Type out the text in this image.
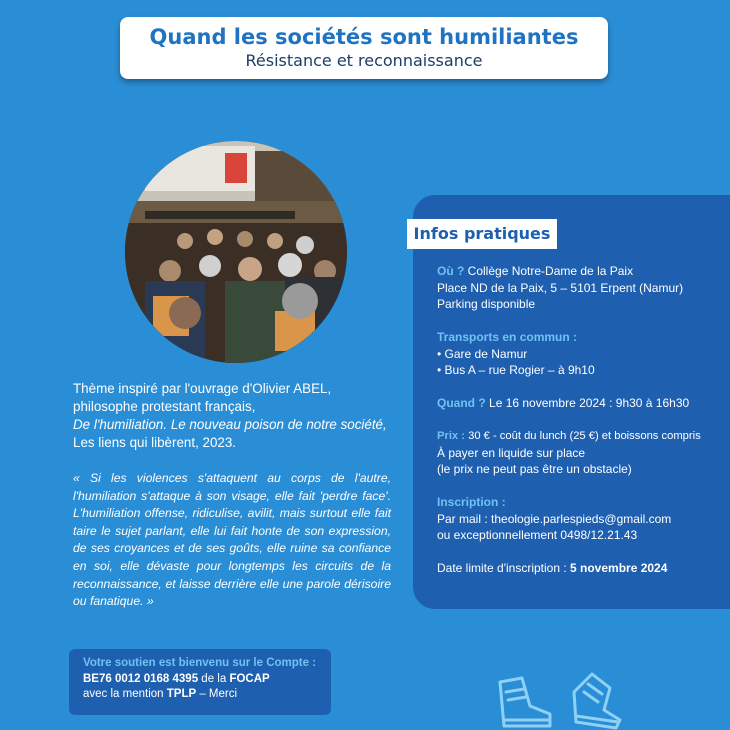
Quand les sociétés sont humiliantes
Résistance et reconnaissance
Thème inspiré par l'ouvrage d'Olivier ABEL,
philosophe protestant français,
De l'humiliation. Le nouveau poison de notre société,
Les liens qui libèrent, 2023.
« Si les violences s'attaquent au corps de l'autre, l'humiliation s'attaque à son visage, elle fait 'perdre face'. L'humiliation offense, ridiculise, avilit, mais surtout elle fait taire le sujet parlant, elle lui fait honte de son expression, de ses croyances et de ses goûts, elle ruine sa confiance en soi, elle dévaste pour longtemps les circuits de la reconnaissance, et laisse derrière elle une parole dérisoire ou fanatique. »
Infos pratiques
Où ? Collège Notre-Dame de la Paix
Place ND de la Paix, 5 – 5101 Erpent (Namur)
Parking disponible
Transports en commun :
• Gare de Namur
• Bus A – rue Rogier – à 9h10
Quand ? Le 16 novembre 2024 : 9h30 à 16h30
Prix : 30 € - coût du lunch (25 €) et boissons compris
À payer en liquide sur place
(le prix ne peut pas être un obstacle)
Inscription :
Par mail : theologie.parlespieds@gmail.com
ou exceptionnellement 0498/12.21.43
Date limite d'inscription : 5 novembre 2024
Votre soutien est bienvenu sur le Compte :
BE76 0012 0168 4395 de la FOCAP
avec la mention TPLP – Merci
